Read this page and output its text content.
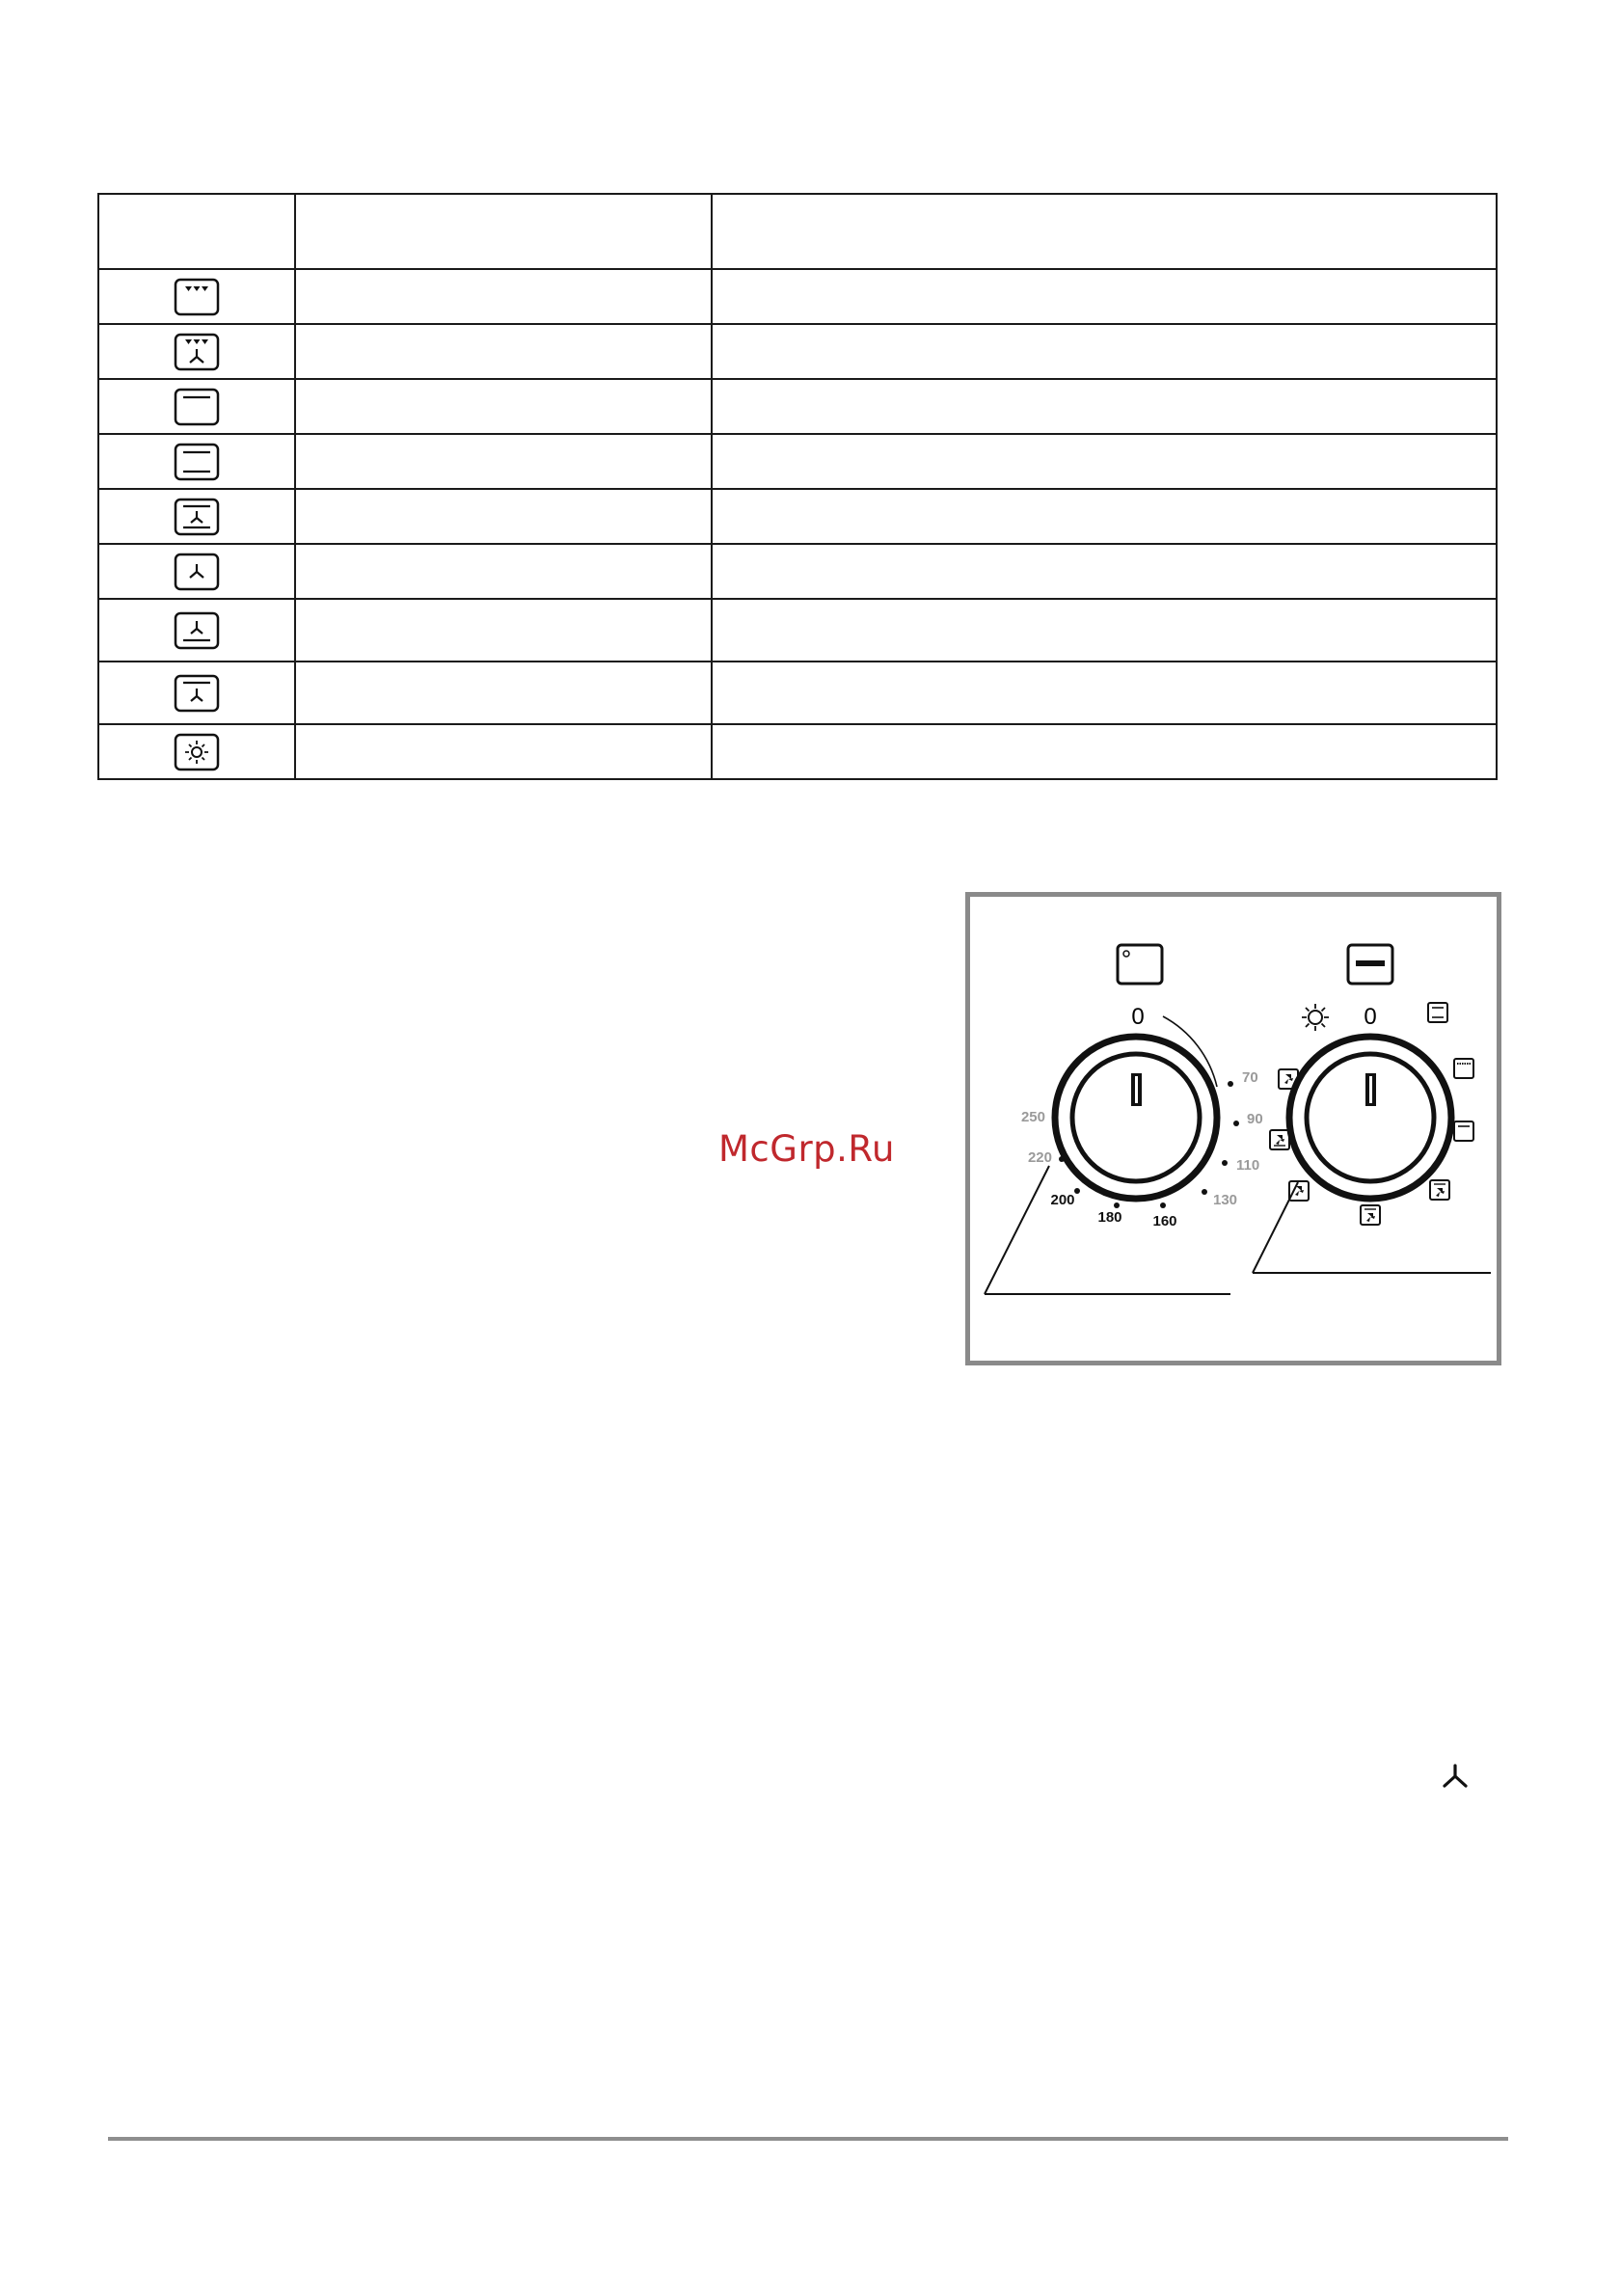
McGrp.Ru
0
70
90
110
130
160
180
200
220
250
0
